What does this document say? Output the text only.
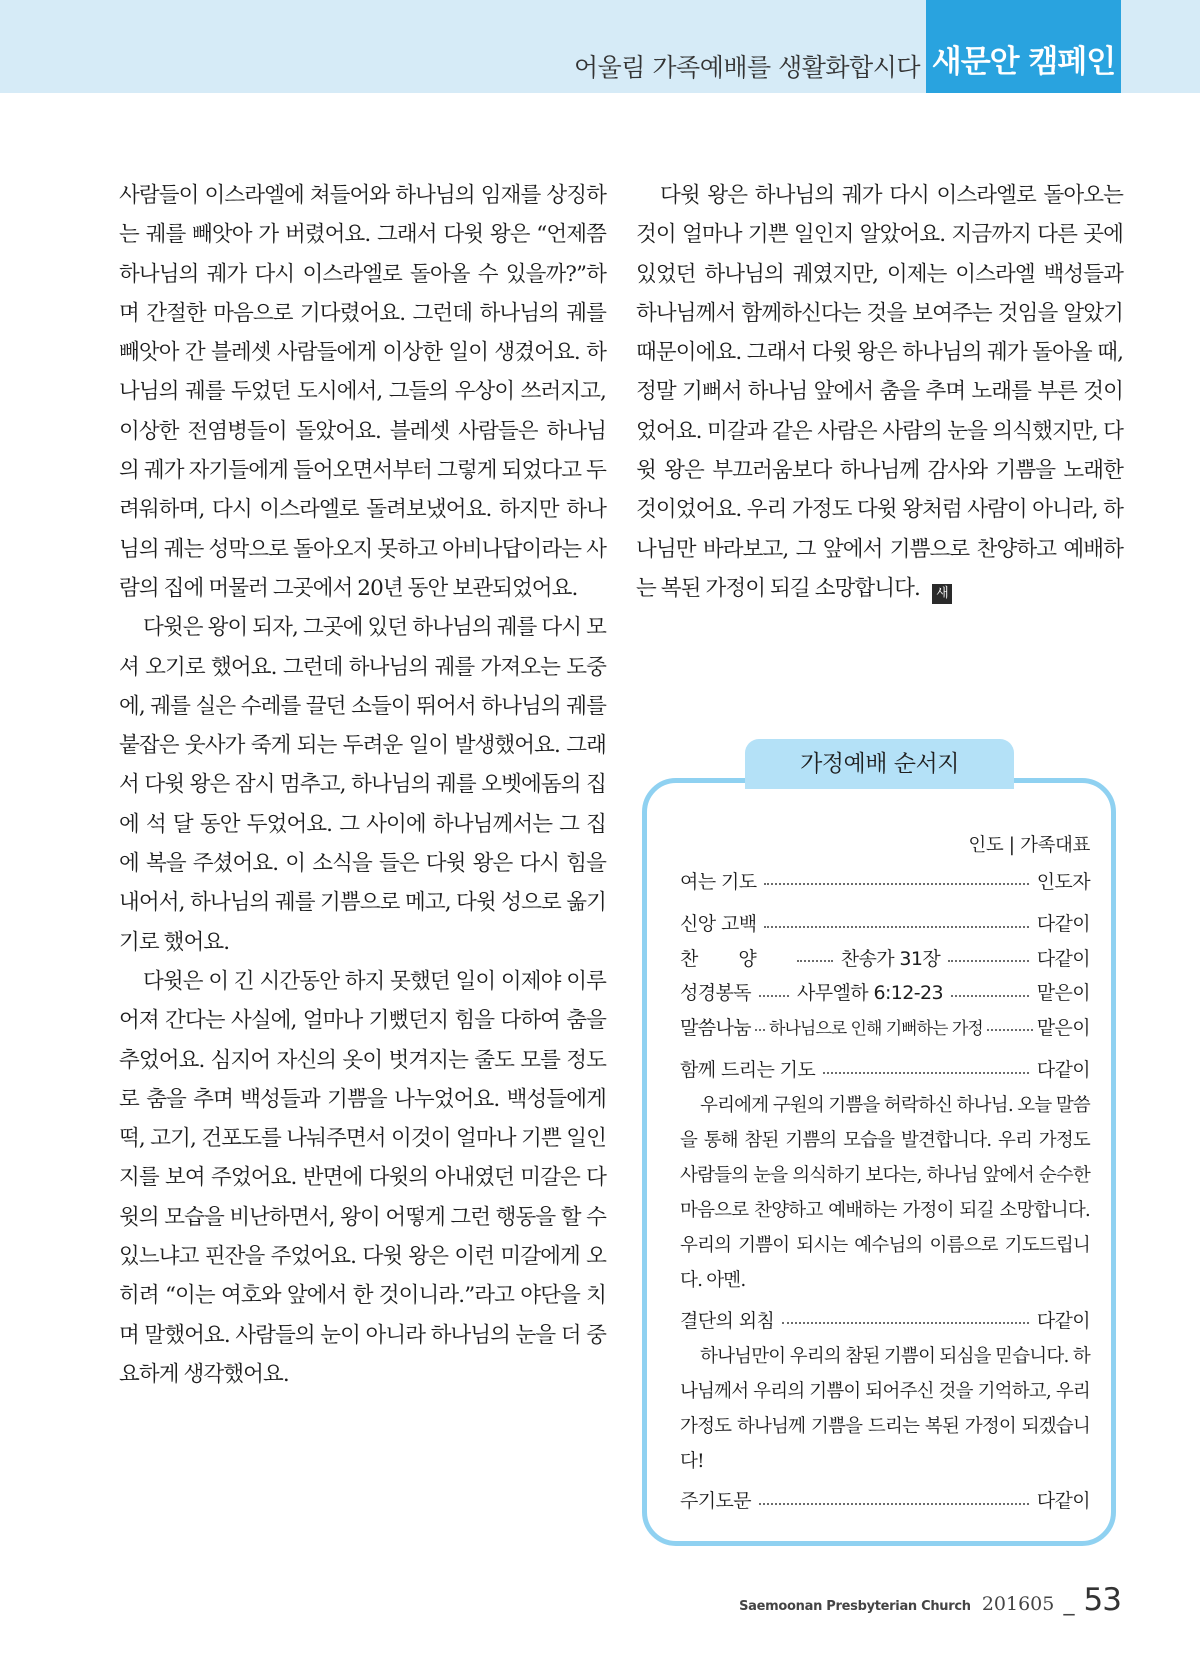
어울림 가족예배를 생활화합시다 새문안 캠페인

사람들이 이스라엘에 쳐들어와 하나님의 임재를 상징하는 궤를 빼앗아 가 버렸어요. 그래서 다윗 왕은 “언제쯤 하나님의 궤가 다시 이스라엘로 돌아올 수 있을까?”하며 간절한 마음으로 기다렸어요. 그런데 하나님의 궤를 빼앗아 간 블레셋 사람들에게 이상한 일이 생겼어요. 하나님의 궤를 두었던 도시에서, 그들의 우상이 쓰러지고, 이상한 전염병들이 돌았어요. 블레셋 사람들은 하나님의 궤가 자기들에게 들어오면서부터 그렇게 되었다고 두려워하며, 다시 이스라엘로 돌려보냈어요. 하지만 하나님의 궤는 성막으로 돌아오지 못하고 아비나답이라는 사람의 집에 머물러 그곳에서 20년 동안 보관되었어요.

다윗은 왕이 되자, 그곳에 있던 하나님의 궤를 다시 모셔 오기로 했어요. 그런데 하나님의 궤를 가져오는 도중에, 궤를 실은 수레를 끌던 소들이 뛰어서 하나님의 궤를 붙잡은 웃사가 죽게 되는 두려운 일이 발생했어요. 그래서 다윗 왕은 잠시 멈추고, 하나님의 궤를 오벳에돔의 집에 석 달 동안 두었어요. 그 사이에 하나님께서는 그 집에 복을 주셨어요. 이 소식을 들은 다윗 왕은 다시 힘을 내어서, 하나님의 궤를 기쁨으로 메고, 다윗 성으로 옮기기로 했어요.

다윗은 이 긴 시간동안 하지 못했던 일이 이제야 이루어져 간다는 사실에, 얼마나 기뻤던지 힘을 다하여 춤을 추었어요. 심지어 자신의 옷이 벗겨지는 줄도 모를 정도로 춤을 추며 백성들과 기쁨을 나누었어요. 백성들에게 떡, 고기, 건포도를 나눠주면서 이것이 얼마나 기쁜 일인지를 보여 주었어요. 반면에 다윗의 아내였던 미갈은 다윗의 모습을 비난하면서, 왕이 어떻게 그런 행동을 할 수 있느냐고 핀잔을 주었어요. 다윗 왕은 이런 미갈에게 오히려 “이는 여호와 앞에서 한 것이니라.”라고 야단을 치며 말했어요. 사람들의 눈이 아니라 하나님의 눈을 더 중요하게 생각했어요.

다윗 왕은 하나님의 궤가 다시 이스라엘로 돌아오는 것이 얼마나 기쁜 일인지 알았어요. 지금까지 다른 곳에 있었던 하나님의 궤였지만, 이제는 이스라엘 백성들과 하나님께서 함께하신다는 것을 보여주는 것임을 알았기 때문이에요. 그래서 다윗 왕은 하나님의 궤가 돌아올 때, 정말 기뻐서 하나님 앞에서 춤을 추며 노래를 부른 것이었어요. 미갈과 같은 사람은 사람의 눈을 의식했지만, 다윗 왕은 부끄러움보다 하나님께 감사와 기쁨을 노래한 것이었어요. 우리 가정도 다윗 왕처럼 사람이 아니라, 하나님만 바라보고, 그 앞에서 기쁨으로 찬양하고 예배하는 복된 가정이 되길 소망합니다. 새

인도 | 가족대표
여는 기도	인도자
신앙 고백	다같이
찬양 찬송가 31장	다같이
성경봉독 사무엘하 6:12-23	맡은이
말씀나눔 하나님으로 인해 기뻐하는 가정	맡은이
함께 드리는 기도	다같이

우리에게 구원의 기쁨을 허락하신 하나님. 오늘 말씀을 통해 참된 기쁨의 모습을 발견합니다. 우리 가정도 사람들의 눈을 의식하기 보다는, 하나님 앞에서 순수한 마음으로 찬양하고 예배하는 가정이 되길 소망합니다. 우리의 기쁨이 되시는 예수님의 이름으로 기도드립니다. 아멘.

결단의 외침	다같이

하나님만이 우리의 참된 기쁨이 되심을 믿습니다. 하나님께서 우리의 기쁨이 되어주신 것을 기억하고, 우리 가정도 하나님께 기쁨을 드리는 복된 가정이 되겠습니다!

주기도문	다같이
가정예배 순서지
Saemoonan Presbyterian Church 201605 _ 53
